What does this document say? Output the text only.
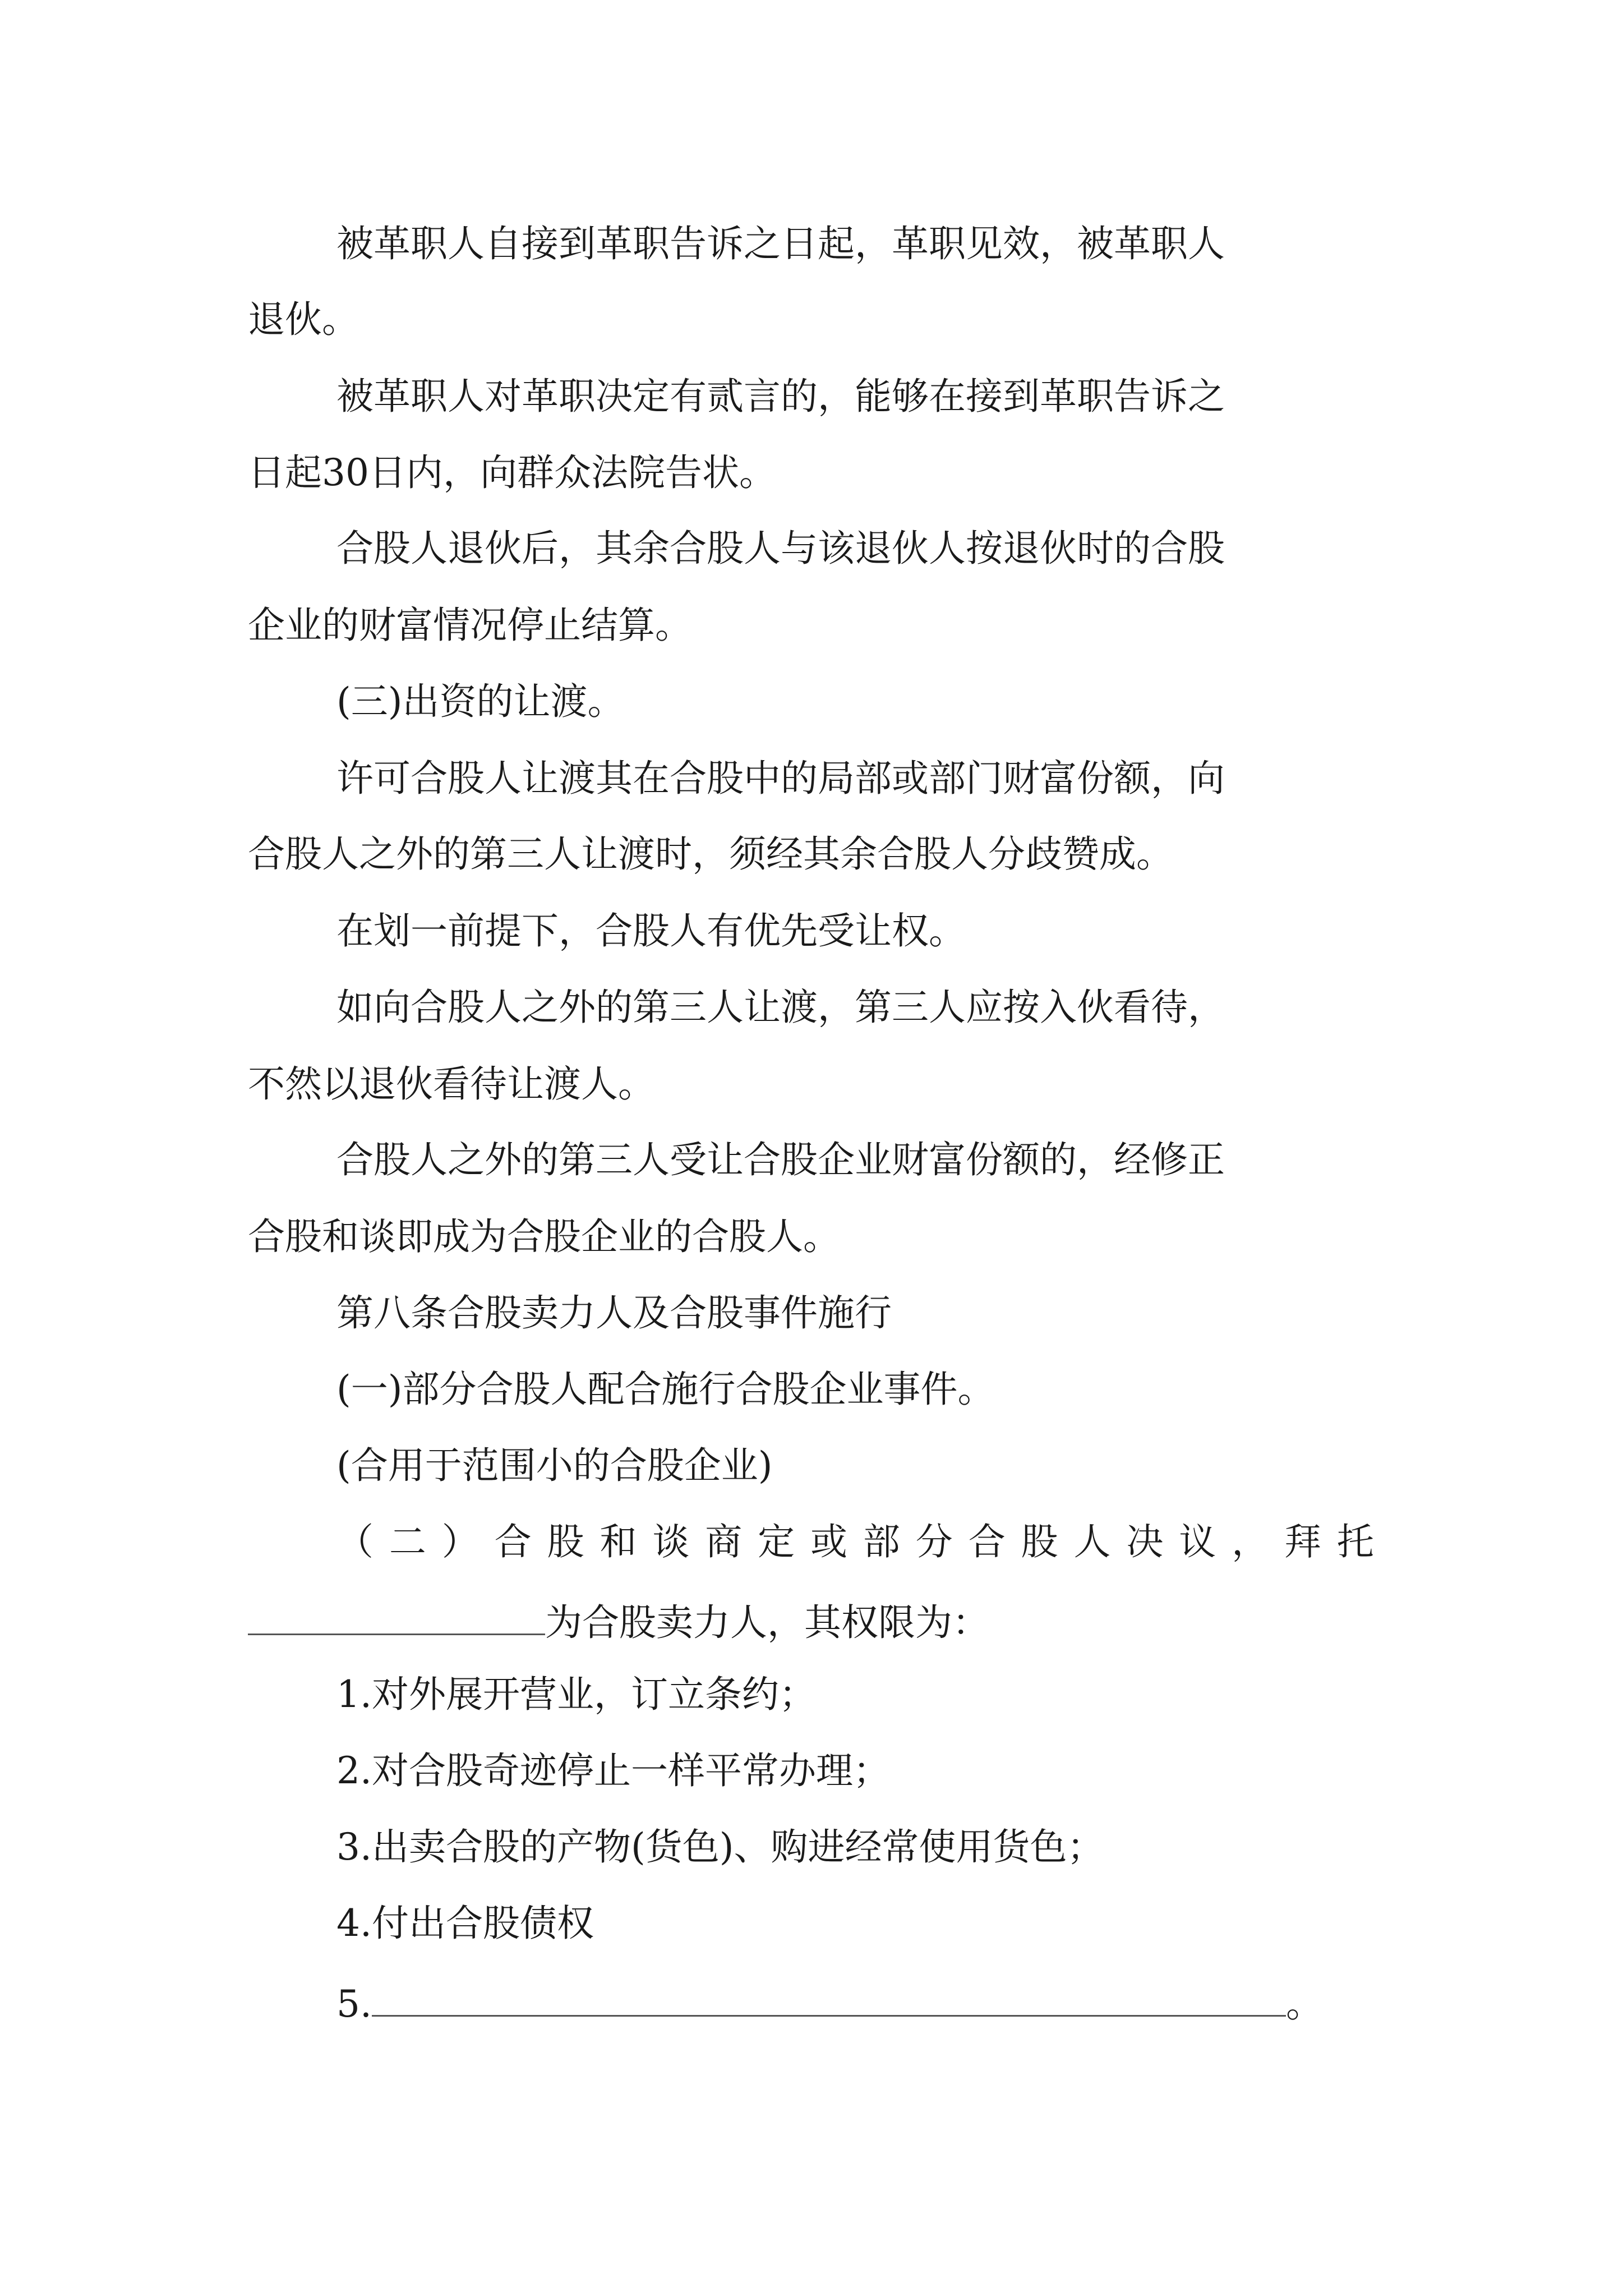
被革职人自接到革职告诉之日起，革职见效，被革职人
退伙。
被革职人对革职决定有贰言的，能够在接到革职告诉之
日起30日内，向群众法院告状。
合股人退伙后，其余合股人与该退伙人按退伙时的合股
企业的财富情况停止结算。
(三)出资的让渡。
许可合股人让渡其在合股中的局部或部门财富份额，向
合股人之外的第三人让渡时，须经其余合股人分歧赞成。
在划一前提下，合股人有优先受让权。
如向合股人之外的第三人让渡，第三人应按入伙看待，
不然以退伙看待让渡人。
合股人之外的第三人受让合股企业财富份额的，经修正
合股和谈即成为合股企业的合股人。
第八条合股卖力人及合股事件施行
(一)部分合股人配合施行合股企业事件。
(合用于范围小的合股企业)
（ 二 ） 合 股 和 谈 商 定 或 部 分 合 股 人 决 议 ， 拜 托
为合股卖力人，其权限为：
1.对外展开营业，订立条约；
2.对合股奇迹停止一样平常办理；
3.出卖合股的产物(货色)、购进经常使用货色；
4.付出合股债权
5.	。
